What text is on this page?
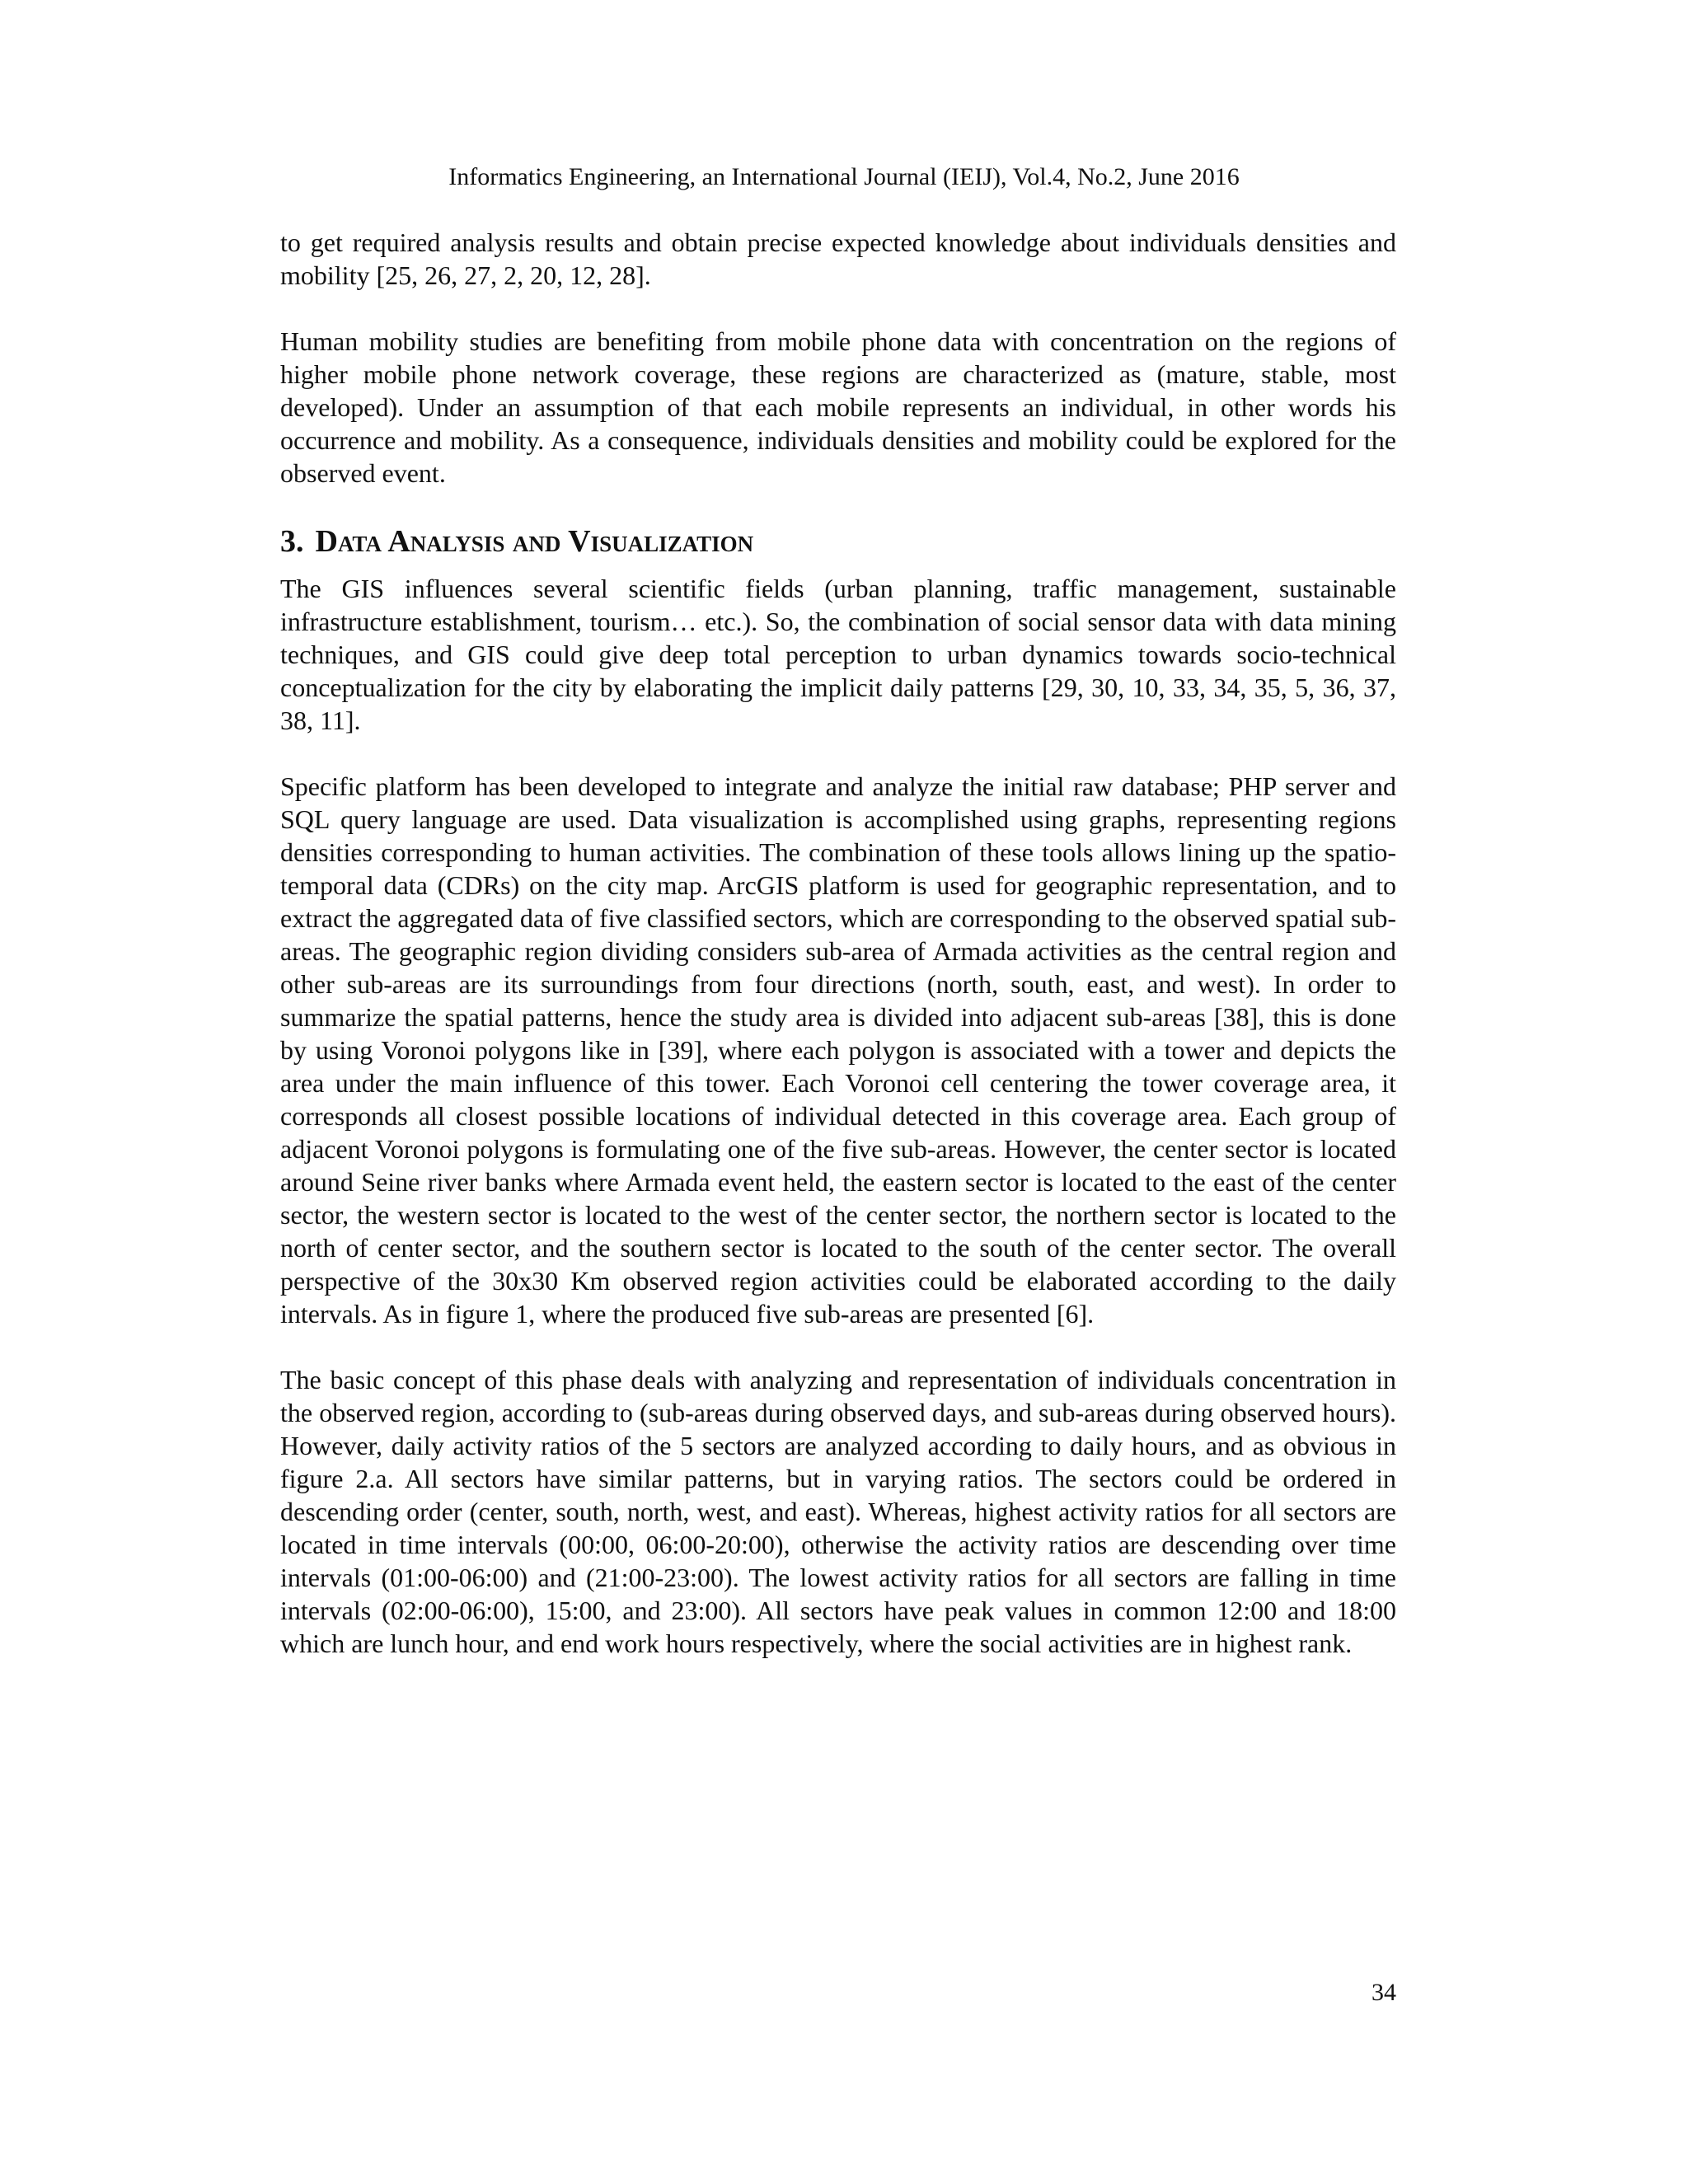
Informatics Engineering, an International Journal (IEIJ), Vol.4, No.2, June 2016

to get required analysis results and obtain precise expected knowledge about individuals densities and mobility [25, 26, 27, 2, 20, 12, 28].

Human mobility studies are benefiting from mobile phone data with concentration on the regions of higher mobile phone network coverage, these regions are characterized as (mature, stable, most developed). Under an assumption of that each mobile represents an individual, in other words his occurrence and mobility. As a consequence, individuals densities and mobility could be explored for the observed event.

3. Data Analysis and Visualization

The GIS influences several scientific fields (urban planning, traffic management, sustainable infrastructure establishment, tourism… etc.). So, the combination of social sensor data with data mining techniques, and GIS could give deep total perception to urban dynamics towards socio-technical conceptualization for the city by elaborating the implicit daily patterns [29, 30, 10, 33, 34, 35, 5, 36, 37, 38, 11].

Specific platform has been developed to integrate and analyze the initial raw database; PHP server and SQL query language are used. Data visualization is accomplished using graphs, representing regions densities corresponding to human activities. The combination of these tools allows lining up the spatio-temporal data (CDRs) on the city map. ArcGIS platform is used for geographic representation, and to extract the aggregated data of five classified sectors, which are corresponding to the observed spatial sub-areas. The geographic region dividing considers sub-area of Armada activities as the central region and other sub-areas are its surroundings from four directions (north, south, east, and west). In order to summarize the spatial patterns, hence the study area is divided into adjacent sub-areas [38], this is done by using Voronoi polygons like in [39], where each polygon is associated with a tower and depicts the area under the main influence of this tower. Each Voronoi cell centering the tower coverage area, it corresponds all closest possible locations of individual detected in this coverage area. Each group of adjacent Voronoi polygons is formulating one of the five sub-areas. However, the center sector is located around Seine river banks where Armada event held, the eastern sector is located to the east of the center sector, the western sector is located to the west of the center sector, the northern sector is located to the north of center sector, and the southern sector is located to the south of the center sector. The overall perspective of the 30x30 Km observed region activities could be elaborated according to the daily intervals. As in figure 1, where the produced five sub-areas are presented [6].

The basic concept of this phase deals with analyzing and representation of individuals concentration in the observed region, according to (sub-areas during observed days, and sub-areas during observed hours). However, daily activity ratios of the 5 sectors are analyzed according to daily hours, and as obvious in figure 2.a. All sectors have similar patterns, but in varying ratios. The sectors could be ordered in descending order (center, south, north, west, and east). Whereas, highest activity ratios for all sectors are located in time intervals (00:00, 06:00-20:00), otherwise the activity ratios are descending over time intervals (01:00-06:00) and (21:00-23:00). The lowest activity ratios for all sectors are falling in time intervals (02:00-06:00), 15:00, and 23:00). All sectors have peak values in common 12:00 and 18:00 which are lunch hour, and end work hours respectively, where the social activities are in highest rank.

34
